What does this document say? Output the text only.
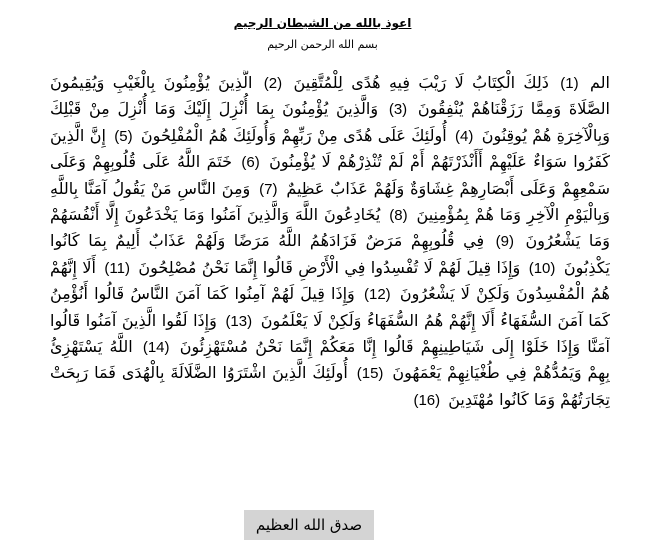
اعوذ بالله من الشيطان الرجيم
بسم الله الرحمن الرحيم
الم (1) ذَلِكَ الْكِتَابُ لَا رَيْبَ فِيهِ هُدًى لِلْمُتَّقِينَ (2) الَّذِينَ يُؤْمِنُونَ بِالْغَيْبِ وَيُقِيمُونَ الصَّلَاةَ وَمِمَّا رَزَقْنَاهُمْ يُنْفِقُونَ (3) وَالَّذِينَ يُؤْمِنُونَ بِمَا أُنْزِلَ إِلَيْكَ وَمَا أُنْزِلَ مِنْ قَبْلِكَ وَبِالْآخِرَةِ هُمْ يُوقِنُونَ (4) أُولَئِكَ عَلَى هُدًى مِنْ رَبِّهِمْ وَأُولَئِكَ هُمُ الْمُفْلِحُونَ (5) إِنَّ الَّذِينَ كَفَرُوا سَوَاءٌ عَلَيْهِمْ أَأَنْذَرْتَهُمْ أَمْ لَمْ تُنْذِرْهُمْ لَا يُؤْمِنُونَ (6) خَتَمَ اللَّهُ عَلَى قُلُوبِهِمْ وَعَلَى سَمْعِهِمْ وَعَلَى أَبْصَارِهِمْ غِشَاوَةٌ وَلَهُمْ عَذَابٌ عَظِيمٌ (7) وَمِنَ النَّاسِ مَنْ يَقُولُ آمَنَّا بِاللَّهِ وَبِالْيَوْمِ الْآخِرِ وَمَا هُمْ بِمُؤْمِنِينَ (8) يُخَادِعُونَ اللَّهَ وَالَّذِينَ آمَنُوا وَمَا يَخْدَعُونَ إِلَّا أَنْفُسَهُمْ وَمَا يَشْعُرُونَ (9) فِي قُلُوبِهِمْ مَرَضٌ فَزَادَهُمُ اللَّهُ مَرَضًا وَلَهُمْ عَذَابٌ أَلِيمٌ بِمَا كَانُوا يَكْذِبُونَ (10) وَإِذَا قِيلَ لَهُمْ لَا تُفْسِدُوا فِي الْأَرْضِ قَالُوا إِنَّمَا نَحْنُ مُصْلِحُونَ (11) أَلَا إِنَّهُمْ هُمُ الْمُفْسِدُونَ وَلَكِنْ لَا يَشْعُرُونَ (12) وَإِذَا قِيلَ لَهُمْ آمِنُوا كَمَا آمَنَ النَّاسُ قَالُوا أَنُؤْمِنُ كَمَا آمَنَ السُّفَهَاءُ أَلَا إِنَّهُمْ هُمُ السُّفَهَاءُ وَلَكِنْ لَا يَعْلَمُونَ (13) وَإِذَا لَقُوا الَّذِينَ آمَنُوا قَالُوا آمَنَّا وَإِذَا خَلَوْا إِلَى شَيَاطِينِهِمْ قَالُوا إِنَّا مَعَكُمْ إِنَّمَا نَحْنُ مُسْتَهْزِئُونَ (14) اللَّهُ يَسْتَهْزِئُ بِهِمْ وَيَمُدُّهُمْ فِي طُغْيَانِهِمْ يَعْمَهُونَ (15) أُولَئِكَ الَّذِينَ اشْتَرَوُا الضَّلَالَةَ بِالْهُدَى فَمَا رَبِحَتْ تِجَارَتُهُمْ وَمَا كَانُوا مُهْتَدِينَ (16)
صدق الله العظيم
